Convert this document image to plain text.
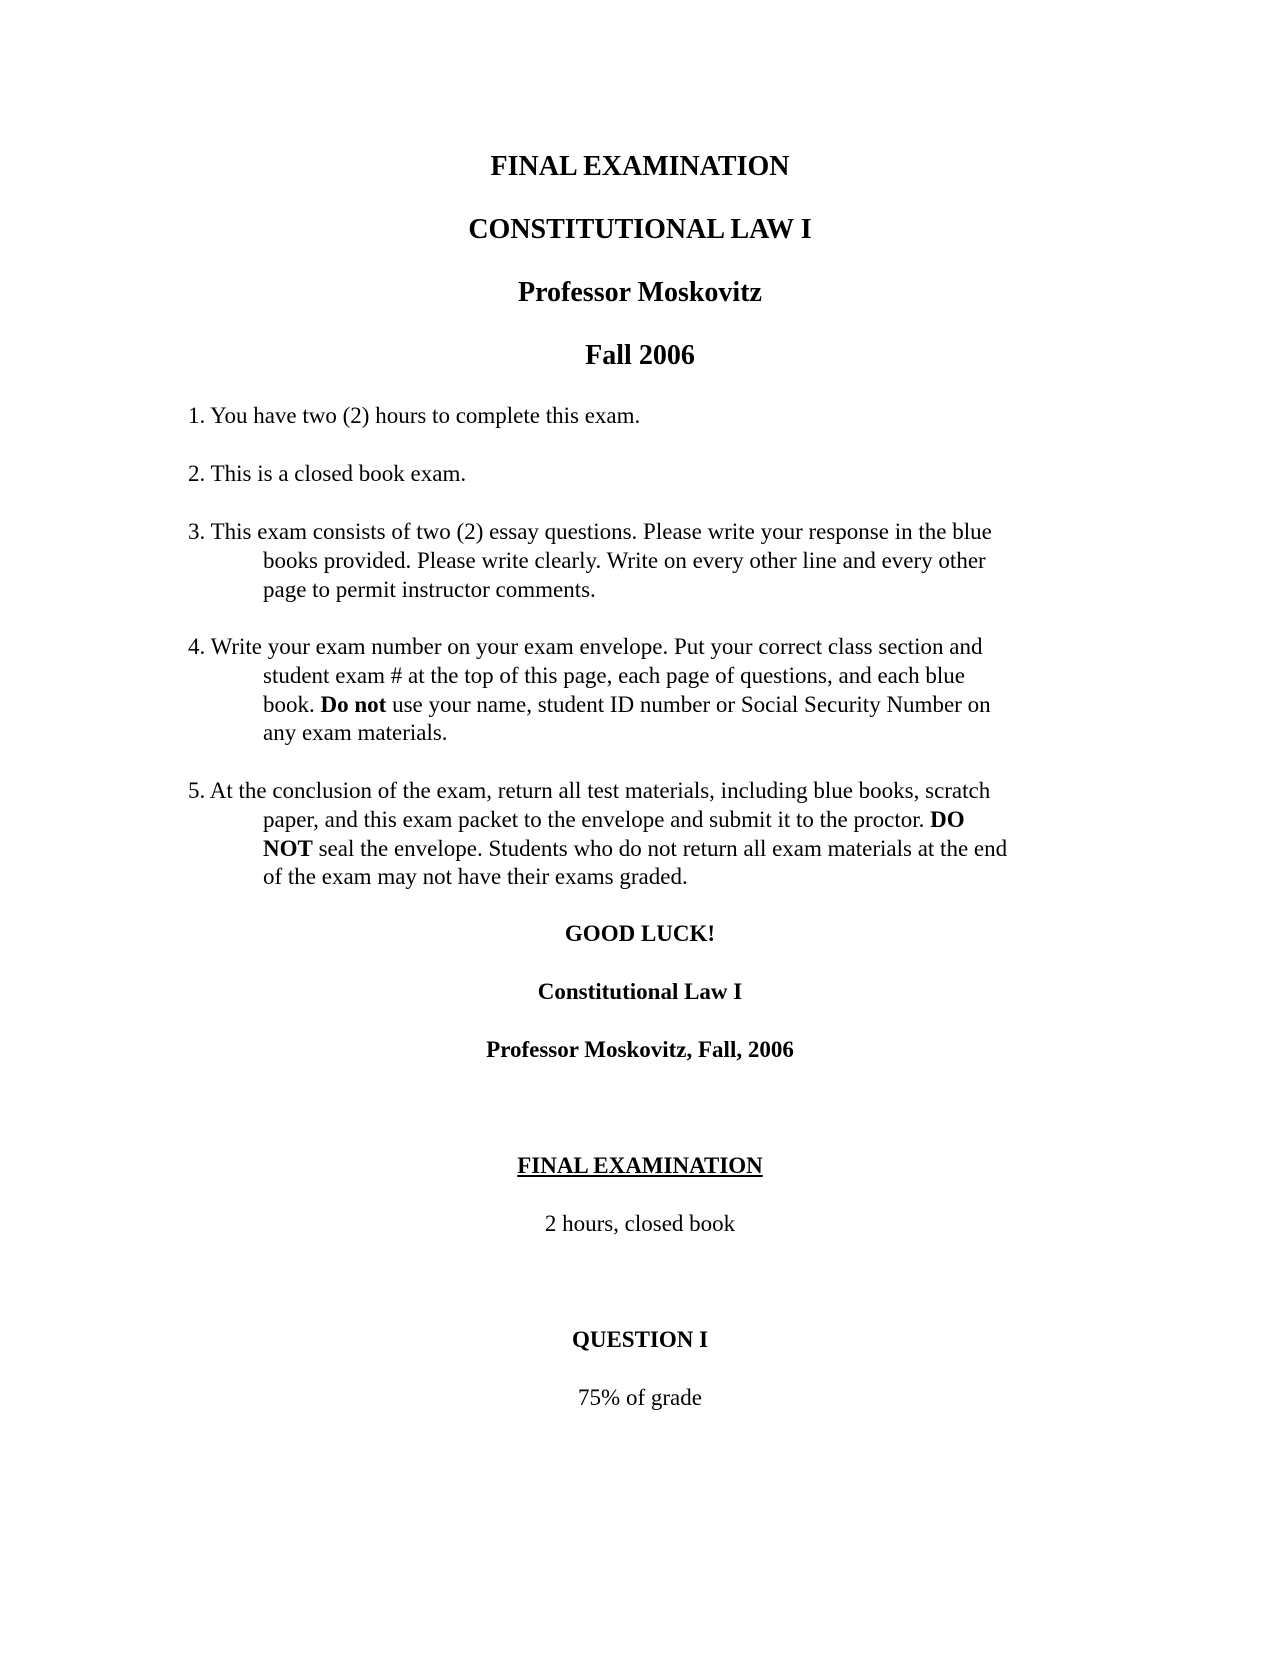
FINAL EXAMINATION
CONSTITUTIONAL LAW I
Professor Moskovitz
Fall 2006
1. You have two (2) hours to complete this exam.
2. This is a closed book exam.
3. This exam consists of two (2) essay questions. Please write your response in the blue
books provided. Please write clearly. Write on every other line and every other
page to permit instructor comments.
4. Write your exam number on your exam envelope. Put your correct class section and
student exam # at the top of this page, each page of questions, and each blue
book. Do not use your name, student ID number or Social Security Number on
any exam materials.
5. At the conclusion of the exam, return all test materials, including blue books, scratch
paper, and this exam packet to the envelope and submit it to the proctor. DO
NOT seal the envelope. Students who do not return all exam materials at the end
of the exam may not have their exams graded.
GOOD LUCK!
Constitutional Law I
Professor Moskovitz, Fall, 2006
FINAL EXAMINATION
2 hours, closed book
QUESTION I
75% of grade
